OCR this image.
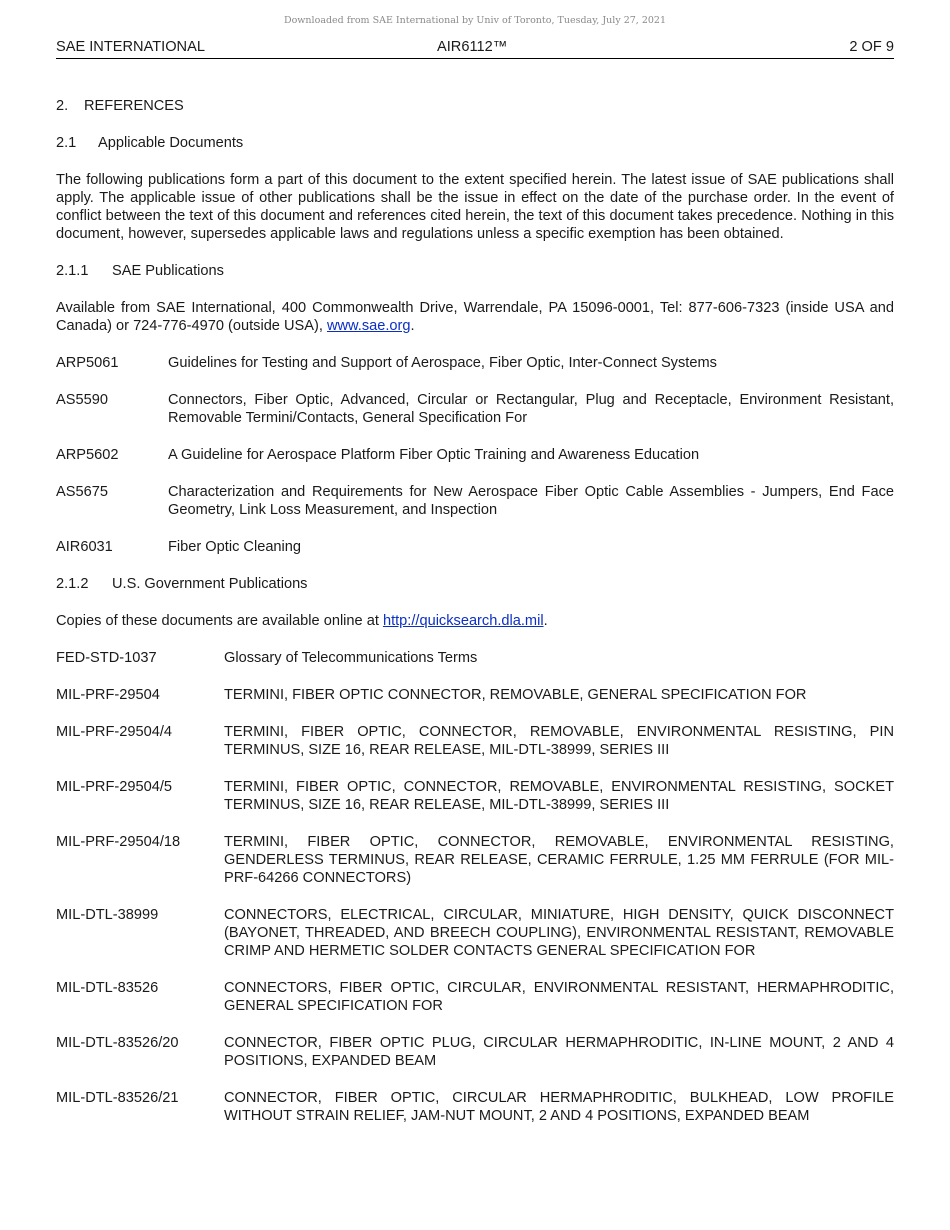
Downloaded from SAE International by Univ of Toronto, Tuesday, July 27, 2021
SAE INTERNATIONAL	AIR6112™	2 OF 9
2. REFERENCES
2.1 Applicable Documents

The following publications form a part of this document to the extent specified herein. The latest issue of SAE publications shall apply. The applicable issue of other publications shall be the issue in effect on the date of the purchase order. In the event of conflict between the text of this document and references cited herein, the text of this document takes precedence. Nothing in this document, however, supersedes applicable laws and regulations unless a specific exemption has been obtained.

2.1.1 SAE Publications

Available from SAE International, 400 Commonwealth Drive, Warrendale, PA 15096-0001, Tel: 877-606-7323 (inside USA and Canada) or 724-776-4970 (outside USA), www.sae.org.

ARP5061	Guidelines for Testing and Support of Aerospace, Fiber Optic, Inter-Connect Systems
AS5590	Connectors, Fiber Optic, Advanced, Circular or Rectangular, Plug and Receptacle, Environment Resistant, Removable Termini/Contacts, General Specification For
ARP5602	A Guideline for Aerospace Platform Fiber Optic Training and Awareness Education
AS5675	Characterization and Requirements for New Aerospace Fiber Optic Cable Assemblies - Jumpers, End Face Geometry, Link Loss Measurement, and Inspection
AIR6031	Fiber Optic Cleaning
2.1.2 U.S. Government Publications

Copies of these documents are available online at http://quicksearch.dla.mil.

FED-STD-1037	Glossary of Telecommunications Terms
MIL-PRF-29504	TERMINI, FIBER OPTIC CONNECTOR, REMOVABLE, GENERAL SPECIFICATION FOR
MIL-PRF-29504/4	TERMINI, FIBER OPTIC, CONNECTOR, REMOVABLE, ENVIRONMENTAL RESISTING, PIN TERMINUS, SIZE 16, REAR RELEASE, MIL-DTL-38999, SERIES III
MIL-PRF-29504/5	TERMINI, FIBER OPTIC, CONNECTOR, REMOVABLE, ENVIRONMENTAL RESISTING, SOCKET TERMINUS, SIZE 16, REAR RELEASE, MIL-DTL-38999, SERIES III
MIL-PRF-29504/18	TERMINI, FIBER OPTIC, CONNECTOR, REMOVABLE, ENVIRONMENTAL RESISTING, GENDERLESS TERMINUS, REAR RELEASE, CERAMIC FERRULE, 1.25 MM FERRULE (FOR MIL-PRF-64266 CONNECTORS)
MIL-DTL-38999	CONNECTORS, ELECTRICAL, CIRCULAR, MINIATURE, HIGH DENSITY, QUICK DISCONNECT (BAYONET, THREADED, AND BREECH COUPLING), ENVIRONMENTAL RESISTANT, REMOVABLE CRIMP AND HERMETIC SOLDER CONTACTS GENERAL SPECIFICATION FOR
MIL-DTL-83526	CONNECTORS, FIBER OPTIC, CIRCULAR, ENVIRONMENTAL RESISTANT, HERMAPHRODITIC, GENERAL SPECIFICATION FOR
MIL-DTL-83526/20	CONNECTOR, FIBER OPTIC PLUG, CIRCULAR HERMAPHRODITIC, IN-LINE MOUNT, 2 AND 4 POSITIONS, EXPANDED BEAM
MIL-DTL-83526/21	CONNECTOR, FIBER OPTIC, CIRCULAR HERMAPHRODITIC, BULKHEAD, LOW PROFILE WITHOUT STRAIN RELIEF, JAM-NUT MOUNT, 2 AND 4 POSITIONS, EXPANDED BEAM
